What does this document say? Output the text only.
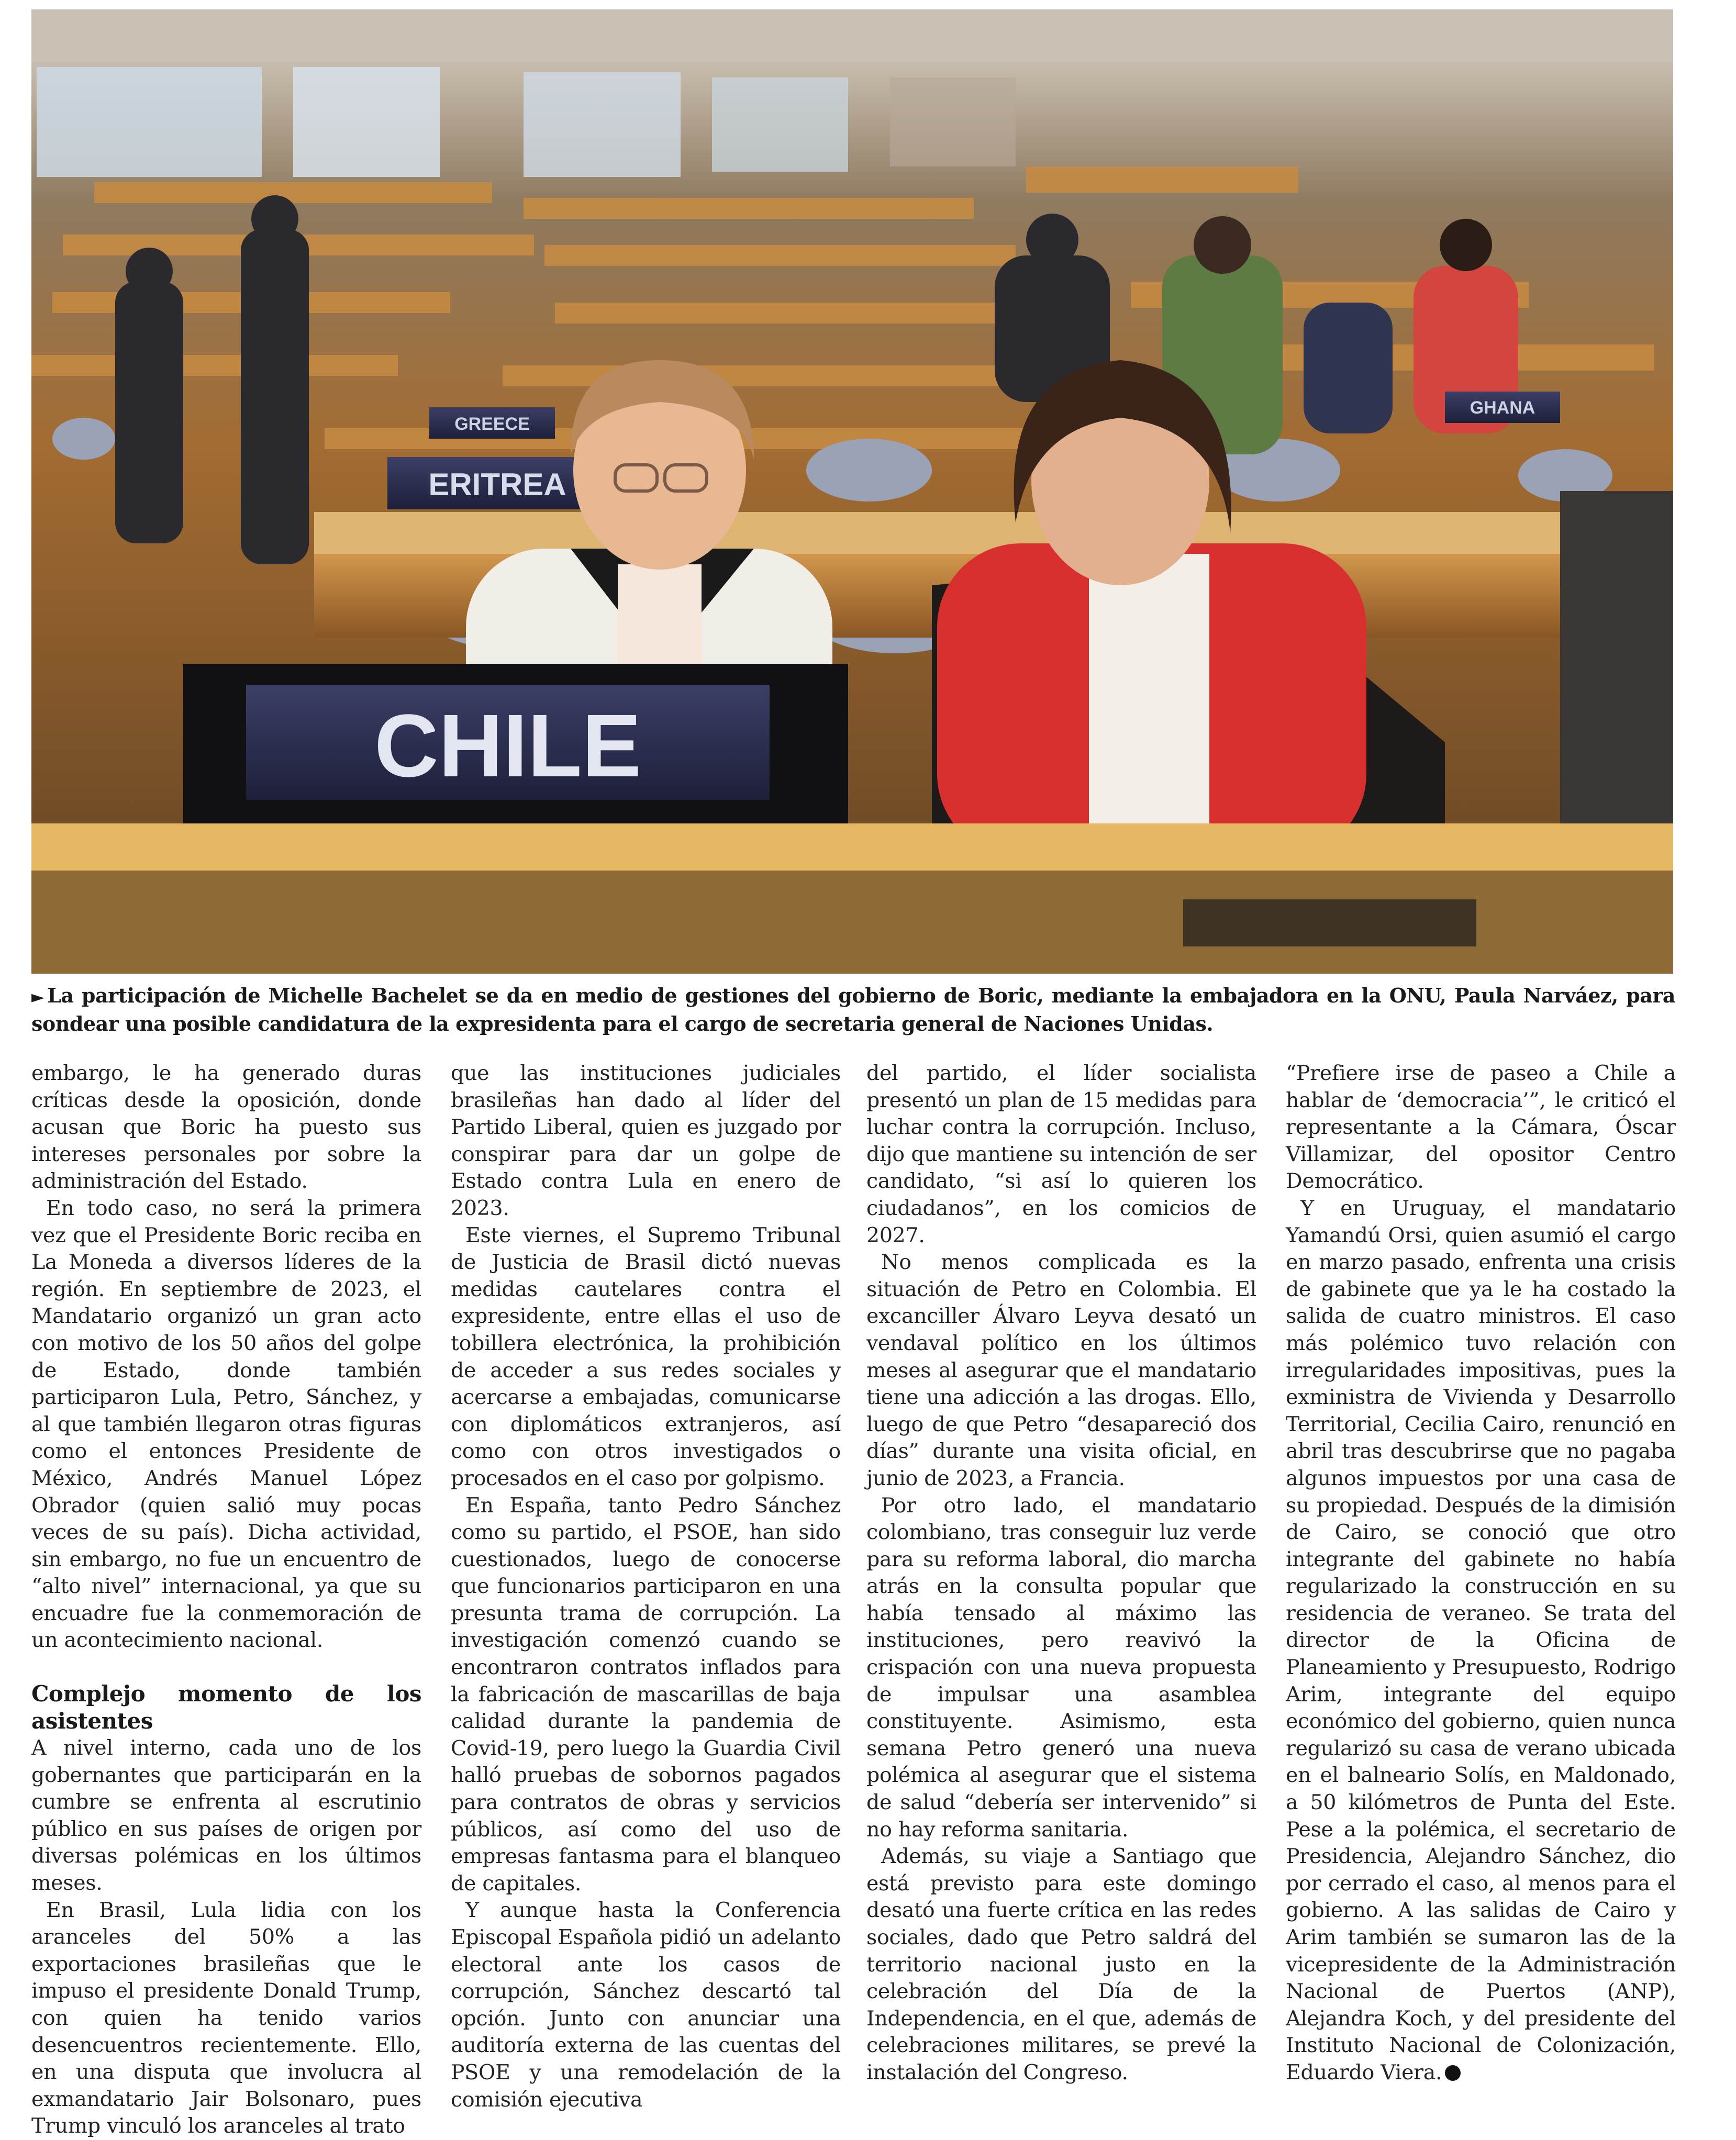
ERITREA
GREECE
GHANA
CHILE
► La participación de Michelle Bachelet se da en medio de gestiones del gobierno de Boric, mediante la embajadora en la ONU, Paula Narváez, para sondear una posible candidatura de la expresidenta para el cargo de secretaria general de Naciones Unidas.

embargo, le ha generado duras críticas desde la oposición, donde acusan que Boric ha puesto sus intereses personales por sobre la administración del Estado.

En todo caso, no será la primera vez que el Presidente Boric reciba en La Moneda a diversos líderes de la región. En septiembre de 2023, el Mandatario organizó un gran acto con motivo de los 50 años del golpe de Estado, donde también participaron Lula, Petro, Sánchez, y al que también llegaron otras figuras como el entonces Presidente de México, Andrés Manuel López Obrador (quien salió muy pocas veces de su país). Dicha actividad, sin embargo, no fue un encuentro de “alto nivel” internacional, ya que su encuadre fue la conmemoración de un acontecimiento nacional.

Complejo momento de los asistentes

A nivel interno, cada uno de los gobernantes que participarán en la cumbre se enfrenta al escrutinio público en sus países de origen por diversas polémicas en los últimos meses.

En Brasil, Lula lidia con los aranceles del 50% a las exportaciones brasileñas que le impuso el presidente Donald Trump, con quien ha tenido varios desencuentros recientemente. Ello, en una disputa que involucra al exmandatario Jair Bolsonaro, pues Trump vinculó los aranceles al trato

que las instituciones judiciales brasileñas han dado al líder del Partido Liberal, quien es juzgado por conspirar para dar un golpe de Estado contra Lula en enero de 2023.

Este viernes, el Supremo Tribunal de Justicia de Brasil dictó nuevas medidas cautelares contra el expresidente, entre ellas el uso de tobillera electrónica, la prohibición de acceder a sus redes sociales y acercarse a embajadas, comunicarse con diplomáticos extranjeros, así como con otros investigados o procesados en el caso por golpismo.

En España, tanto Pedro Sánchez como su partido, el PSOE, han sido cuestionados, luego de conocerse que funcionarios participaron en una presunta trama de corrupción. La investigación comenzó cuando se encontraron contratos inflados para la fabricación de mascarillas de baja calidad durante la pandemia de Covid-19, pero luego la Guardia Civil halló pruebas de sobornos pagados para contratos de obras y servicios públicos, así como del uso de empresas fantasma para el blanqueo de capitales.

Y aunque hasta la Conferencia Episcopal Española pidió un adelanto electoral ante los casos de corrupción, Sánchez descartó tal opción. Junto con anunciar una auditoría externa de las cuentas del PSOE y una remodelación de la comisión ejecutiva

del partido, el líder socialista presentó un plan de 15 medidas para luchar contra la corrupción. Incluso, dijo que mantiene su intención de ser candidato, “si así lo quieren los ciudadanos”, en los comicios de 2027.

No menos complicada es la situación de Petro en Colombia. El excanciller Álvaro Leyva desató un vendaval político en los últimos meses al asegurar que el mandatario tiene una adicción a las drogas. Ello, luego de que Petro “desapareció dos días” durante una visita oficial, en junio de 2023, a Francia.

Por otro lado, el mandatario colombiano, tras conseguir luz verde para su reforma laboral, dio marcha atrás en la consulta popular que había tensado al máximo las instituciones, pero reavivó la crispación con una nueva propuesta de impulsar una asamblea constituyente. Asimismo, esta semana Petro generó una nueva polémica al asegurar que el sistema de salud “debería ser intervenido” si no hay reforma sanitaria.

Además, su viaje a Santiago que está previsto para este domingo desató una fuerte crítica en las redes sociales, dado que Petro saldrá del territorio nacional justo en la celebración del Día de la Independencia, en el que, además de celebraciones militares, se prevé la instalación del Congreso.

“Prefiere irse de paseo a Chile a hablar de ‘democracia’”, le criticó el representante a la Cámara, Óscar Villamizar, del opositor Centro Democrático.

Y en Uruguay, el mandatario Yamandú Orsi, quien asumió el cargo en marzo pasado, enfrenta una crisis de gabinete que ya le ha costado la salida de cuatro ministros. El caso más polémico tuvo relación con irregularidades impositivas, pues la exministra de Vivienda y Desarrollo Territorial, Cecilia Cairo, renunció en abril tras descubrirse que no pagaba algunos impuestos por una casa de su propiedad. Después de la dimisión de Cairo, se conoció que otro integrante del gabinete no había regularizado la construcción en su residencia de veraneo. Se trata del director de la Oficina de Planeamiento y Presupuesto, Rodrigo Arim, integrante del equipo económico del gobierno, quien nunca regularizó su casa de verano ubicada en el balneario Solís, en Maldonado, a 50 kilómetros de Punta del Este. Pese a la polémica, el secretario de Presidencia, Alejandro Sánchez, dio por cerrado el caso, al menos para el gobierno. A las salidas de Cairo y Arim también se sumaron las de la vicepresidente de la Administración Nacional de Puertos (ANP), Alejandra Koch, y del presidente del Instituto Nacional de Colonización, Eduardo Viera.
